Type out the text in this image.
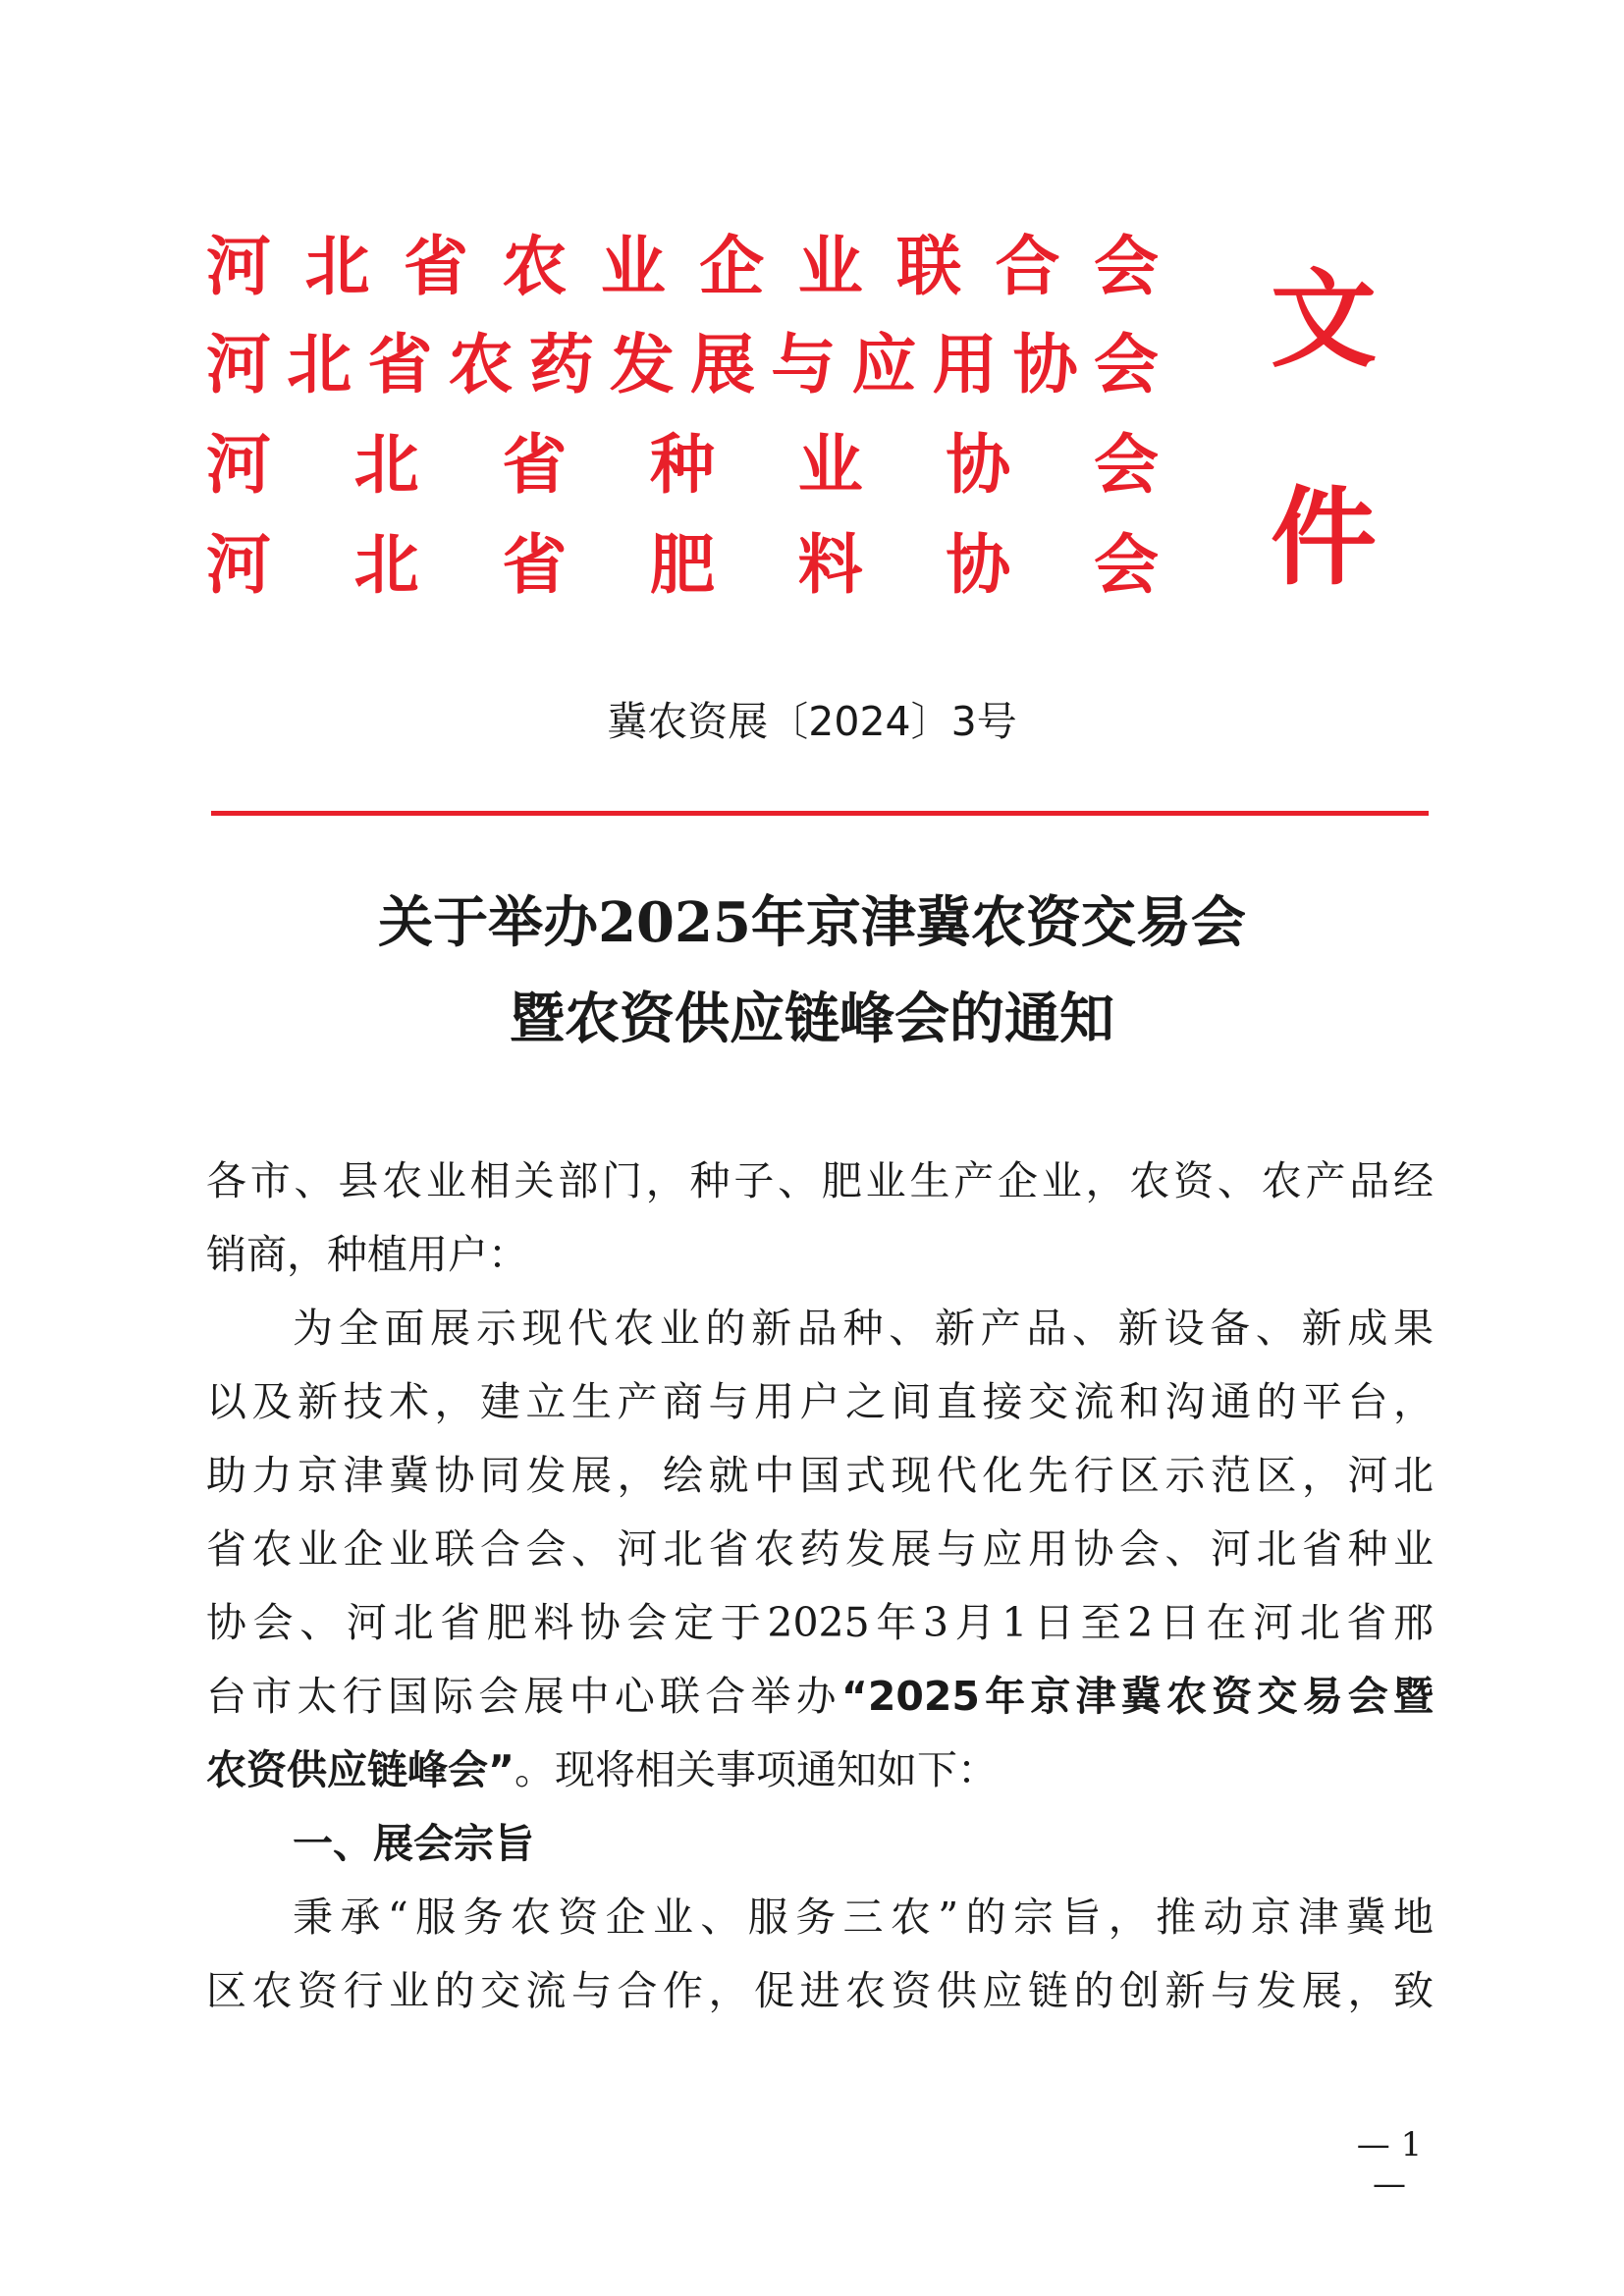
河 北 省 农 业 企 业 联 合 会
河 北 省 农 药 发 展 与 应 用 协 会
河 北 省 种 业 协 会
河 北 省 肥 料 协 会
文
件
冀农资展〔2024〕3号
关于举办2025年京津冀农资交易会
暨农资供应链峰会的通知
各市、县农业相关部门，种子、肥业生产企业，农资、农产品经
销商，种植用户：
为全面展示现代农业的新品种、新产品、新设备、新成果
以及新技术，建立生产商与用户之间直接交流和沟通的平台，
助力京津冀协同发展，绘就中国式现代化先行区示范区，河北
省农业企业联合会、河北省农药发展与应用协会、河北省种业
协会、河北省肥料协会定于2025年3月1日至2日在河北省邢
台市太行国际会展中心联合举办“2025年京津冀农资交易会暨
农资供应链峰会”。现将相关事项通知如下：
一、展会宗旨
秉承“服务农资企业、服务三农”的宗旨，推动京津冀地
区农资行业的交流与合作，促进农资供应链的创新与发展，致
— 1 —
